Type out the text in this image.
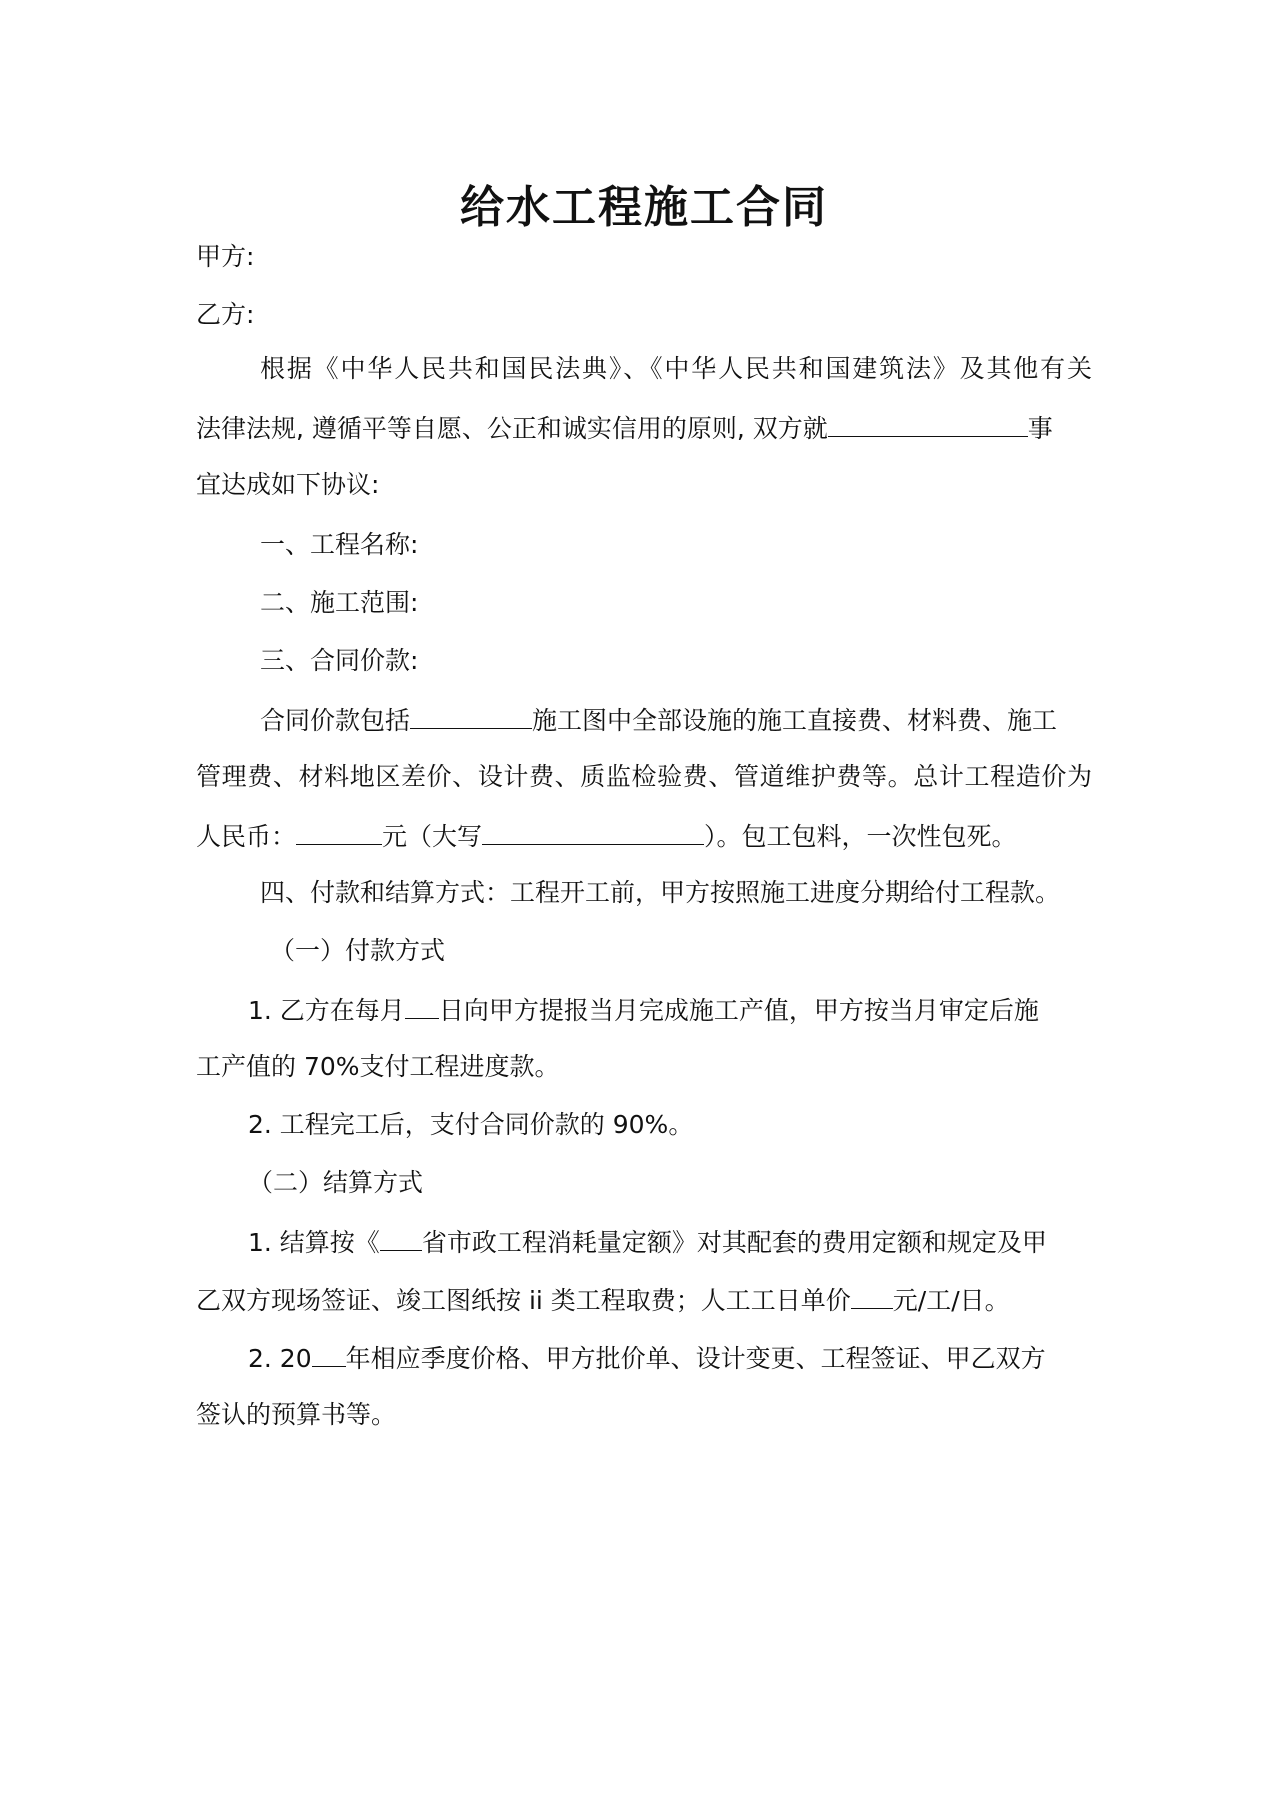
给水工程施工合同

甲方:

乙方:

根据《中华人民共和国民法典》、《中华人民共和国建筑法》及其他有关

法律法规, 遵循平等自愿、公正和诚实信用的原则, 双方就	事

宜达成如下协议:

一、工程名称:

二、施工范围:

三、合同价款:

合同价款包括	施工图中全部设施的施工直接费、材料费、施工

管理费、材料地区差价、设计费、质监检验费、管道维护费等。总计工程造价为

人民币：	元（大写	）。包工包料，一次性包死。

四、付款和结算方式：工程开工前，甲方按照施工进度分期给付工程款。

（一）付款方式

1. 乙方在每月 日向甲方提报当月完成施工产值，甲方按当月审定后施

工产值的 70%支付工程进度款。

2. 工程完工后，支付合同价款的 90%。

（二）结算方式

1. 结算按《 省市政工程消耗量定额》对其配套的费用定额和规定及甲

乙双方现场签证、竣工图纸按 ii 类工程取费；人工工日单价 元/工/日。

2. 20 年相应季度价格、甲方批价单、设计变更、工程签证、甲乙双方

签认的预算书等。
